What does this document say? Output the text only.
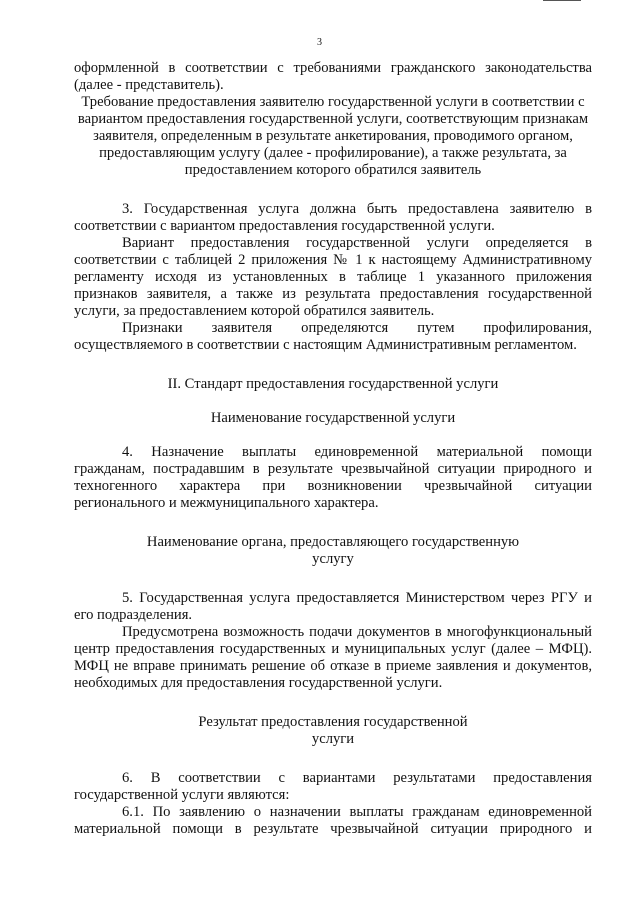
3

оформленной в соответствии с требованиями гражданского законодательства (далее - представитель).

Требование предоставления заявителю государственной услуги в соответствии с вариантом предоставления государственной услуги, соответствующим признакам заявителя, определенным в результате анкетирования, проводимого органом, предоставляющим услугу (далее - профилирование), а также результата, за предоставлением которого обратился заявитель

3. Государственная услуга должна быть предоставлена заявителю в соответствии с вариантом предоставления государственной услуги.

Вариант предоставления государственной услуги определяется в соответствии с таблицей 2 приложения № 1 к настоящему Административному регламенту исходя из установленных в таблице 1 указанного приложения признаков заявителя, а также из результата предоставления государственной услуги, за предоставлением которой обратился заявитель.

Признаки заявителя определяются путем профилирования, осуществляемого в соответствии с настоящим Административным регламентом.

II. Стандарт предоставления государственной услуги

Наименование государственной услуги

4. Назначение выплаты единовременной материальной помощи гражданам, пострадавшим в результате чрезвычайной ситуации природного и техногенного характера при возникновении чрезвычайной ситуации регионального и межмуниципального характера.

Наименование органа, предоставляющего государственную

услугу

5. Государственная услуга предоставляется Министерством через РГУ и его подразделения.

Предусмотрена возможность подачи документов в многофункциональный центр предоставления государственных и муниципальных услуг (далее – МФЦ). МФЦ не вправе принимать решение об отказе в приеме заявления и документов, необходимых для предоставления государственной услуги.

Результат предоставления государственной

услуги

6. В соответствии с вариантами результатами предоставления государственной услуги являются:

6.1. По заявлению о назначении выплаты гражданам единовременной материальной помощи в результате чрезвычайной ситуации природного и
